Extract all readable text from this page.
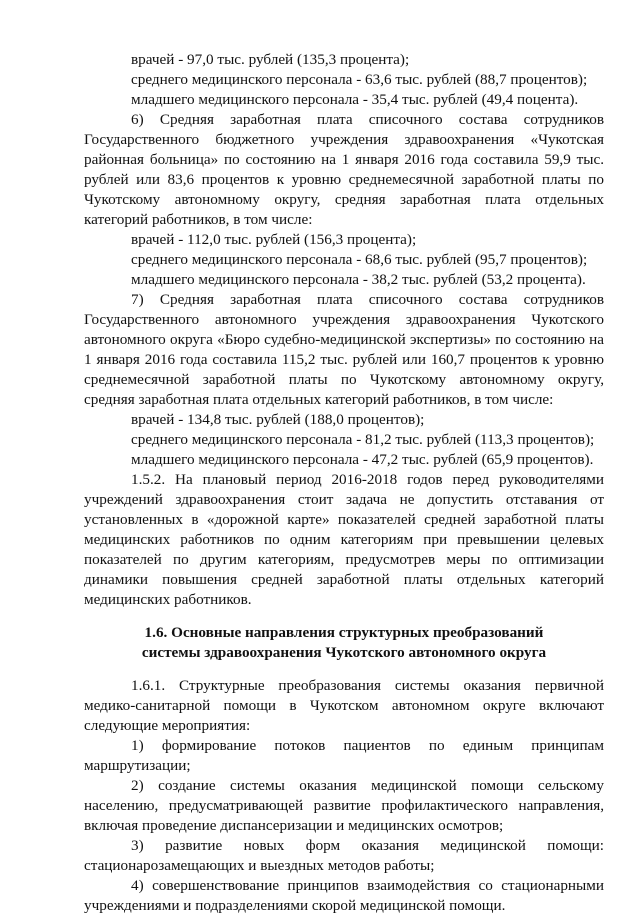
врачей - 97,0 тыс. рублей (135,3 процента);
среднего медицинского персонала - 63,6 тыс. рублей (88,7 процентов);
младшего медицинского персонала - 35,4 тыс. рублей (49,4 поцента).
6) Средняя заработная плата списочного состава сотрудников
Государственного бюджетного учреждения здравоохранения «Чукотская
районная больница» по состоянию на 1 января 2016 года составила 59,9 тыс.
рублей или 83,6 процентов к уровню среднемесячной заработной платы по
Чукотскому автономному округу, средняя заработная плата отдельных
категорий работников, в том числе:
врачей - 112,0 тыс. рублей (156,3 процента);
среднего медицинского персонала - 68,6 тыс. рублей (95,7 процентов);
младшего медицинского персонала - 38,2 тыс. рублей (53,2 процента).
7) Средняя заработная плата списочного состава сотрудников
Государственного автономного учреждения здравоохранения Чукотского
автономного округа «Бюро судебно-медицинской экспертизы» по состоянию на
1 января 2016 года составила 115,2 тыс. рублей или 160,7 процентов к уровню
среднемесячной заработной платы по Чукотскому автономному округу,
средняя заработная плата отдельных категорий работников, в том числе:
врачей - 134,8 тыс. рублей (188,0 процентов);
среднего медицинского персонала - 81,2 тыс. рублей (113,3 процентов);
младшего медицинского персонала - 47,2 тыс. рублей (65,9 процентов).
1.5.2. На плановый период 2016-2018 годов перед руководителями
учреждений здравоохранения стоит задача не допустить отставания от
установленных в «дорожной карте» показателей средней заработной платы
медицинских работников по одним категориям при превышении целевых
показателей по другим категориям, предусмотрев меры по оптимизации
динамики повышения средней заработной платы отдельных категорий
медицинских работников.
1.6. Основные направления структурных преобразований
системы здравоохранения Чукотского автономного округа
1.6.1. Структурные преобразования системы оказания первичной
медико-санитарной помощи в Чукотском автономном округе включают
следующие мероприятия:
1) формирование потоков пациентов по единым принципам
маршрутизации;
2) создание системы оказания медицинской помощи сельскому
населению, предусматривающей развитие профилактического направления,
включая проведение диспансеризации и медицинских осмотров;
3) развитие новых форм оказания медицинской помощи:
стационарозамещающих и выездных методов работы;
4) совершенствование принципов взаимодействия со стационарными
учреждениями и подразделениями скорой медицинской помощи.
